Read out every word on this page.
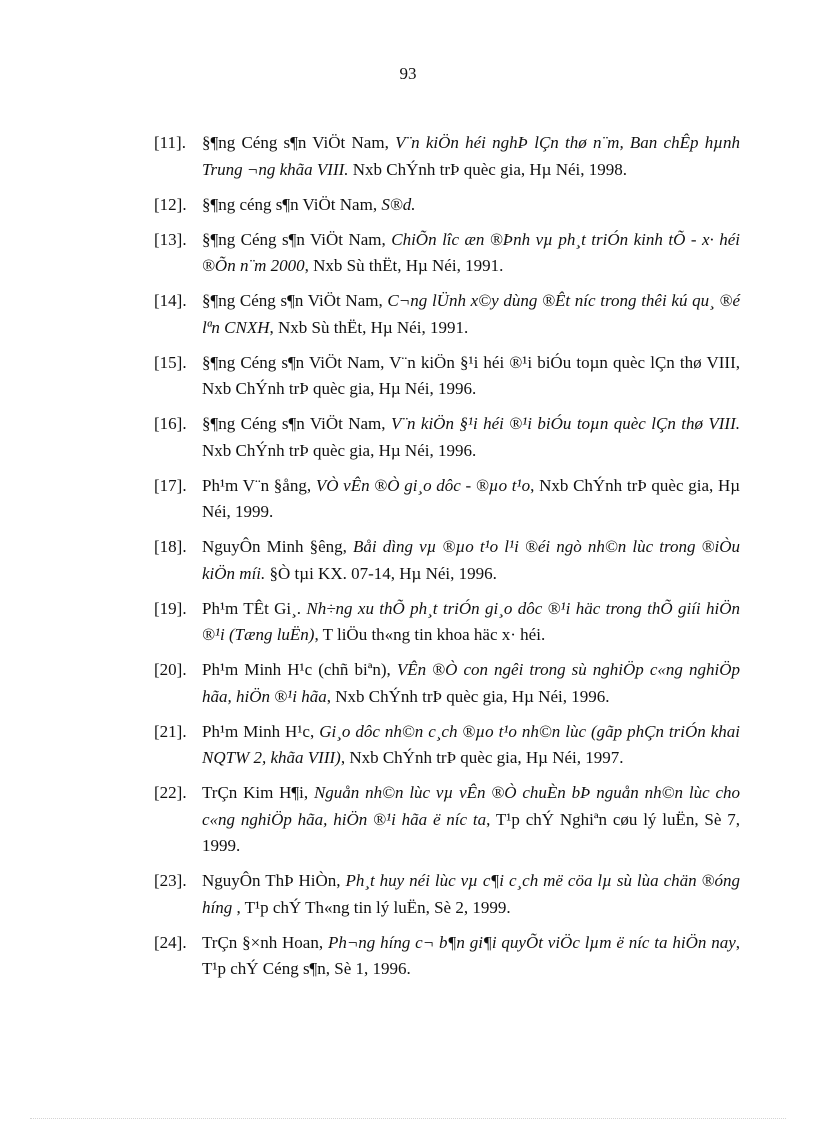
93
[11]. §¶ng Céng s¶n ViÖt Nam, V¨n kiÖn héi nghÞ lÇn thø n¨m, Ban chÊp hµnh Trung ¬ng khãa VIII. Nxb ChÝnh trÞ quèc gia, Hµ Néi, 1998.
[12]. §¶ng céng s¶n ViÖt Nam, S®d.
[13]. §¶ng Céng s¶n ViÖt Nam, ChiÕn lîc æn ®Þnh vµ ph¸t triÓn kinh tÕ - x· héi ®Õn n¨m 2000, Nxb Sù thËt, Hµ Néi, 1991.
[14]. §¶ng Céng s¶n ViÖt Nam, C¬ng lÜnh x©y dùng ®Êt níc trong thêi kú qu¸ ®é lªn CNXH, Nxb Sù thËt, Hµ Néi, 1991.
[15]. §¶ng Céng s¶n ViÖt Nam, V¨n kiÖn §¹i héi ®¹i biÓu toµn quèc lÇn thø VIII, Nxb ChÝnh trÞ quèc gia, Hµ Néi, 1996.
[16]. §¶ng Céng s¶n ViÖt Nam, V¨n kiÖn §¹i héi ®¹i biÓu toµn quèc lÇn thø VIII. Nxb ChÝnh trÞ quèc gia, Hµ Néi, 1996.
[17]. Ph¹m V¨n §ång, VÒ vÊn ®Ò gi¸o dôc - ®µo t¹o, Nxb ChÝnh trÞ quèc gia, Hµ Néi, 1999.
[18]. NguyÔn Minh §êng, Båi dìng vµ ®µo t¹o l¹i ®éi ngò nh©n lùc trong ®iÒu kiÖn míi. §Ò tµi KX. 07-14, Hµ Néi, 1996.
[19]. Ph¹m TÊt Gi¸. Nh÷ng xu thÕ ph¸t triÓn gi¸o dôc ®¹i häc trong thÕ giíi hiÖn ®¹i (Tæng luËn), T liÖu th«ng tin khoa häc x· héi.
[20]. Ph¹m Minh H¹c (chñ biªn), VÊn ®Ò con ngêi trong sù nghiÖp c«ng nghiÖp hãa, hiÖn ®¹i hãa, Nxb ChÝnh trÞ quèc gia, Hµ Néi, 1996.
[21]. Ph¹m Minh H¹c, Gi¸o dôc nh©n c¸ch ®µo t¹o nh©n lùc (gãp phÇn triÓn khai NQTW 2, khãa VIII), Nxb ChÝnh trÞ quèc gia, Hµ Néi, 1997.
[22]. TrÇn Kim H¶i, Nguån nh©n lùc vµ vÊn ®Ò chuÈn bÞ nguån nh©n lùc cho c«ng nghiÖp hãa, hiÖn ®¹i hãa ë níc ta, T¹p chÝ Nghiªn cøu lý luËn, Sè 7, 1999.
[23]. NguyÔn ThÞ HiÒn, Ph¸t huy néi lùc vµ c¶i c¸ch më cöa lµ sù lùa chän ®óng híng , T¹p chÝ Th«ng tin lý luËn, Sè 2, 1999.
[24]. TrÇn §×nh Hoan, Ph¬ng híng c¬ b¶n gi¶i quyÕt viÖc lµm ë níc ta hiÖn nay, T¹p chÝ Céng s¶n, Sè 1, 1996.
